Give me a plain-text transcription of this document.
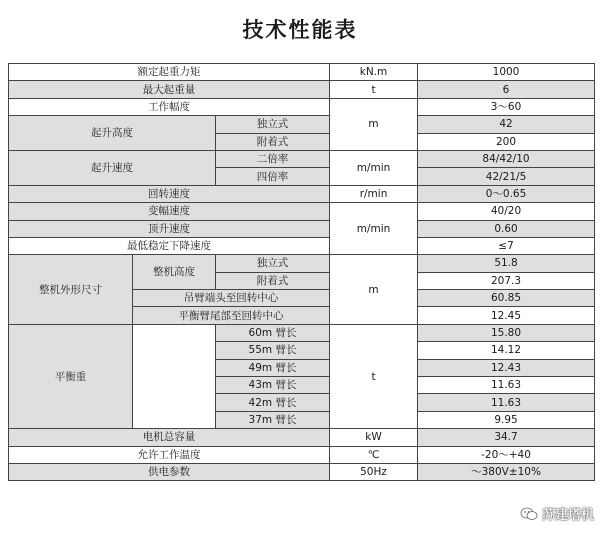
技术性能表
额定起重力矩			kN.m	1000
最大起重量			t	6
工作幅度			m	3～60
起升高度		独立式		42
		附着式		200
起升速度		二倍率	m/min	84/42/10
		四倍率		42/21/5
回转速度			r/min	0～0.65
变幅速度			m/min	40/20
顶升速度				0.60
最低稳定下降速度				≤7
整机外形尺寸	整机高度	独立式	m	51.8
		附着式		207.3
	吊臂端头至回转中心			60.85
	平衡臂尾部至回转中心			12.45
平衡重		60m 臂长	t	15.80
		55m 臂长		14.12
		49m 臂长		12.43
		43m 臂长		11.63
		42m 臂长		11.63
		37m 臂长		9.95
电机总容量			kW	34.7
允许工作温度			℃	-20～+40
供电参数			50Hz	～380V±10%
苏建塔机
